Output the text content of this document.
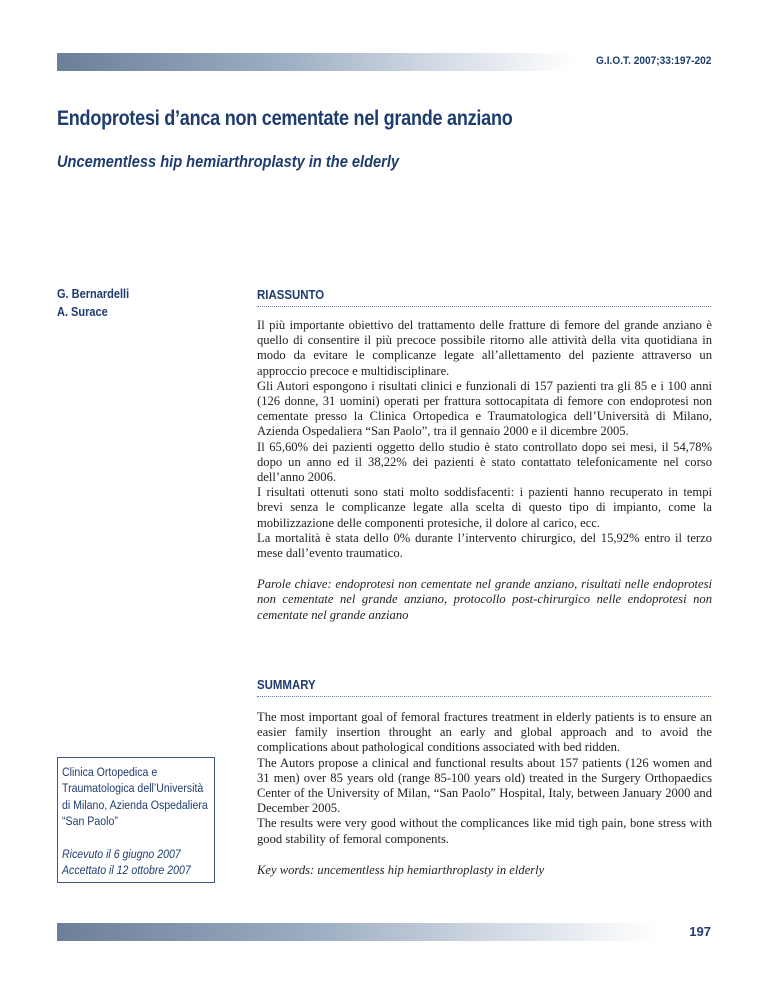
G.I.O.T. 2007;33:197-202
Endoprotesi d’anca non cementate nel grande anziano
Uncementless hip hemiarthroplasty in the elderly
G. Bernardelli
A. Surace
RIASSUNTO

Il più importante obiettivo del trattamento delle fratture di femore del grande anziano è quello di consentire il più precoce possibile ritorno alle attività della vita quotidiana in modo da evitare le complicanze legate all’allettamento del paziente attraverso un approccio precoce e multidisciplinare.

Gli Autori espongono i risultati clinici e funzionali di 157 pazienti tra gli 85 e i 100 anni (126 donne, 31 uomini) operati per frattura sottocapitata di femore con endoprotesi non cementate presso la Clinica Ortopedica e Traumatologica dell’Università di Milano, Azienda Ospedaliera “San Paolo”, tra il gennaio 2000 e il dicembre 2005.

Il 65,60% dei pazienti oggetto dello studio è stato controllato dopo sei mesi, il 54,78% dopo un anno ed il 38,22% dei pazienti è stato contattato telefonicamente nel corso dell’anno 2006.

I risultati ottenuti sono stati molto soddisfacenti: i pazienti hanno recuperato in tempi brevi senza le complicanze legate alla scelta di questo tipo di impianto, come la mobilizzazione delle componenti protesiche, il dolore al carico, ecc.

La mortalità è stata dello 0% durante l’intervento chirurgico, del 15,92% entro il terzo mese dall’evento traumatico.

Parole chiave: endoprotesi non cementate nel grande anziano, risultati nelle endoprotesi non cementate nel grande anziano, protocollo post-chirurgico nelle endoprotesi non cementate nel grande anziano

SUMMARY

The most important goal of femoral fractures treatment in elderly patients is to ensure an easier family insertion throught an early and global approach and to avoid the complications about pathological conditions associated with bed ridden.

The Autors propose a clinical and functional results about 157 patients (126 women and 31 men) over 85 years old (range 85-100 years old) treated in the Surgery Orthopaedics Center of the University of Milan, “San Paolo” Hospital, Italy, between January 2000 and December 2005.

The results were very good without the complicances like mid tigh pain, bone stress with good stability of femoral components.

Key words: uncementless hip hemiarthroplasty in elderly

Clinica Ortopedica e
Traumatologica dell’Università
di Milano, Azienda Ospedaliera
“San Paolo”
Ricevuto il 6 giugno 2007
Accettato il 12 ottobre 2007
197
